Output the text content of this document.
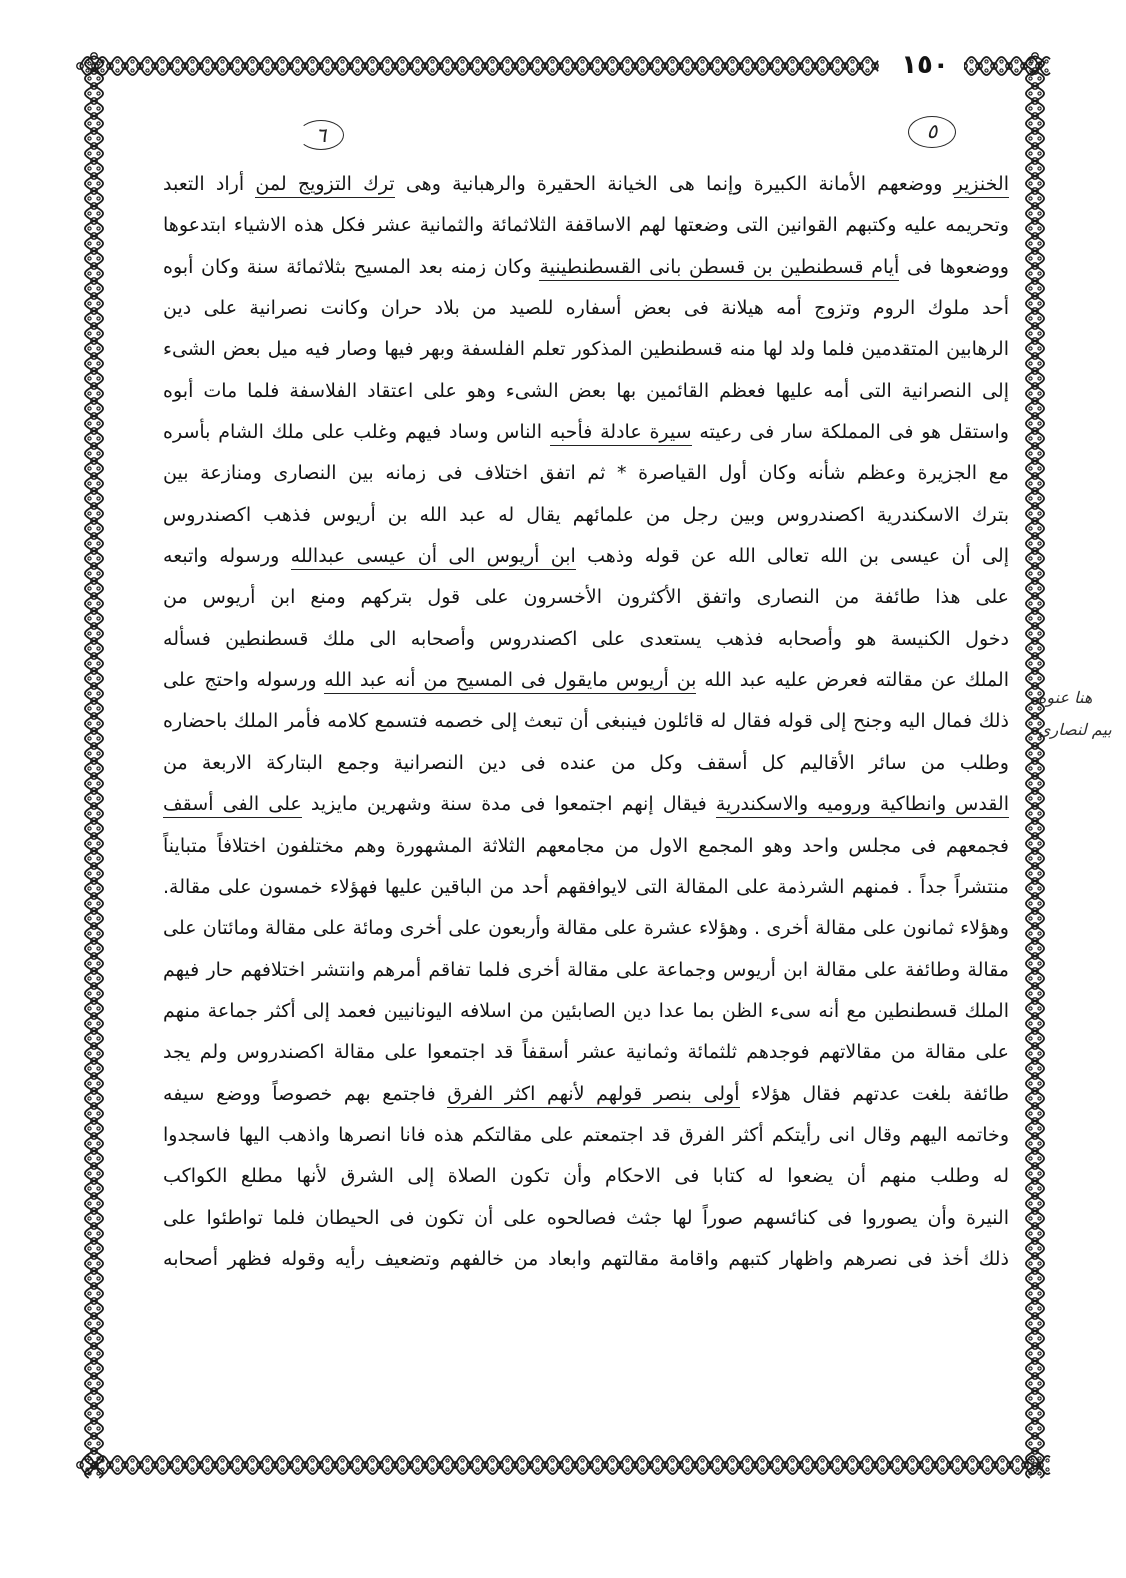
١٥٠
٥
٦
الخنزير ووضعهم الأمانة الكبيرة وإنما هى الخيانة الحقيرة والرهبانية وهى ترك التزويج لمن أراد التعبد
وتحريمه عليه وكتبهم القوانين التى وضعتها لهم الاساقفة الثلاثمائة والثمانية عشر فكل هذه الاشياء ابتدعوها
ووضعوها فى أيام قسطنطين بن قسطن بانى القسطنطينية وكان زمنه بعد المسيح بثلاثمائة سنة وكان أبوه
أحد ملوك الروم وتزوج أمه هيلانة فى بعض أسفاره للصيد من بلاد حران وكانت نصرانية على دين
الرهابين المتقدمين فلما ولد لها منه قسطنطين المذكور تعلم الفلسفة وبهر فيها وصار فيه ميل بعض الشىء
إلى النصرانية التى أمه عليها فعظم القائمين بها بعض الشىء وهو على اعتقاد الفلاسفة فلما مات أبوه
واستقل هو فى المملكة سار فى رعيته سيرة عادلة فأحبه الناس وساد فيهم وغلب على ملك الشام بأسره
مع الجزيرة وعظم شأنه وكان أول القياصرة * ثم اتفق اختلاف فى زمانه بين النصارى ومنازعة بين
بترك الاسكندرية اكصندروس وبين رجل من علمائهم يقال له عبد الله بن أريوس فذهب اكصندروس
إلى أن عيسى بن الله تعالى الله عن قوله وذهب ابن أريوس الى أن عيسى عبدالله ورسوله واتبعه
على هذا طائفة من النصارى واتفق الأكثرون الأخسرون على قول بتركهم ومنع ابن أريوس من
دخول الكنيسة هو وأصحابه فذهب يستعدى على اكصندروس وأصحابه الى ملك قسطنطين فسأله
الملك عن مقالته فعرض عليه عبد الله بن أريوس مايقول فى المسيح من أنه عبد الله ورسوله واحتج على
ذلك فمال اليه وجنح إلى قوله فقال له قائلون فينبغى أن تبعث إلى خصمه فتسمع كلامه فأمر الملك باحضاره
وطلب من سائر الأقاليم كل أسقف وكل من عنده فى دين النصرانية وجمع البتاركة الاربعة من
القدس وانطاكية وروميه والاسكندرية فيقال إنهم اجتمعوا فى مدة سنة وشهرين مايزيد على الفى أسقف
فجمعهم فى مجلس واحد وهو المجمع الاول من مجامعهم الثلاثة المشهورة وهم مختلفون اختلافاً متبايناً
منتشراً جداً . فمنهم الشرذمة على المقالة التى لايوافقهم أحد من الباقين عليها فهؤلاء خمسون على مقالة.
وهؤلاء ثمانون على مقالة أخرى . وهؤلاء عشرة على مقالة وأربعون على أخرى ومائة على مقالة ومائتان على
مقالة وطائفة على مقالة ابن أريوس وجماعة على مقالة أخرى فلما تفاقم أمرهم وانتشر اختلافهم حار فيهم
الملك قسطنطين مع أنه سىء الظن بما عدا دين الصابئين من اسلافه اليونانيين فعمد إلى أكثر جماعة منهم
على مقالة من مقالاتهم فوجدهم ثلثمائة وثمانية عشر أسقفاً قد اجتمعوا على مقالة اكصندروس ولم يجد
طائفة بلغت عدتهم فقال هؤلاء أولى بنصر قولهم لأنهم اكثر الفرق فاجتمع بهم خصوصاً ووضع سيفه
وخاتمه اليهم وقال انى رأيتكم أكثر الفرق قد اجتمعتم على مقالتكم هذه فانا انصرها واذهب اليها فاسجدوا
له وطلب منهم أن يضعوا له كتابا فى الاحكام وأن تكون الصلاة إلى الشرق لأنها مطلع الكواكب
النيرة وأن يصوروا فى كنائسهم صوراً لها جثث فصالحوه على أن تكون فى الحيطان فلما تواطئوا على
ذلك أخذ فى نصرهم واظهار كتبهم واقامة مقالتهم وابعاد من خالفهم وتضعيف رأيه وقوله فظهر أصحابه
هنا عنوه
بيم لنصارى
